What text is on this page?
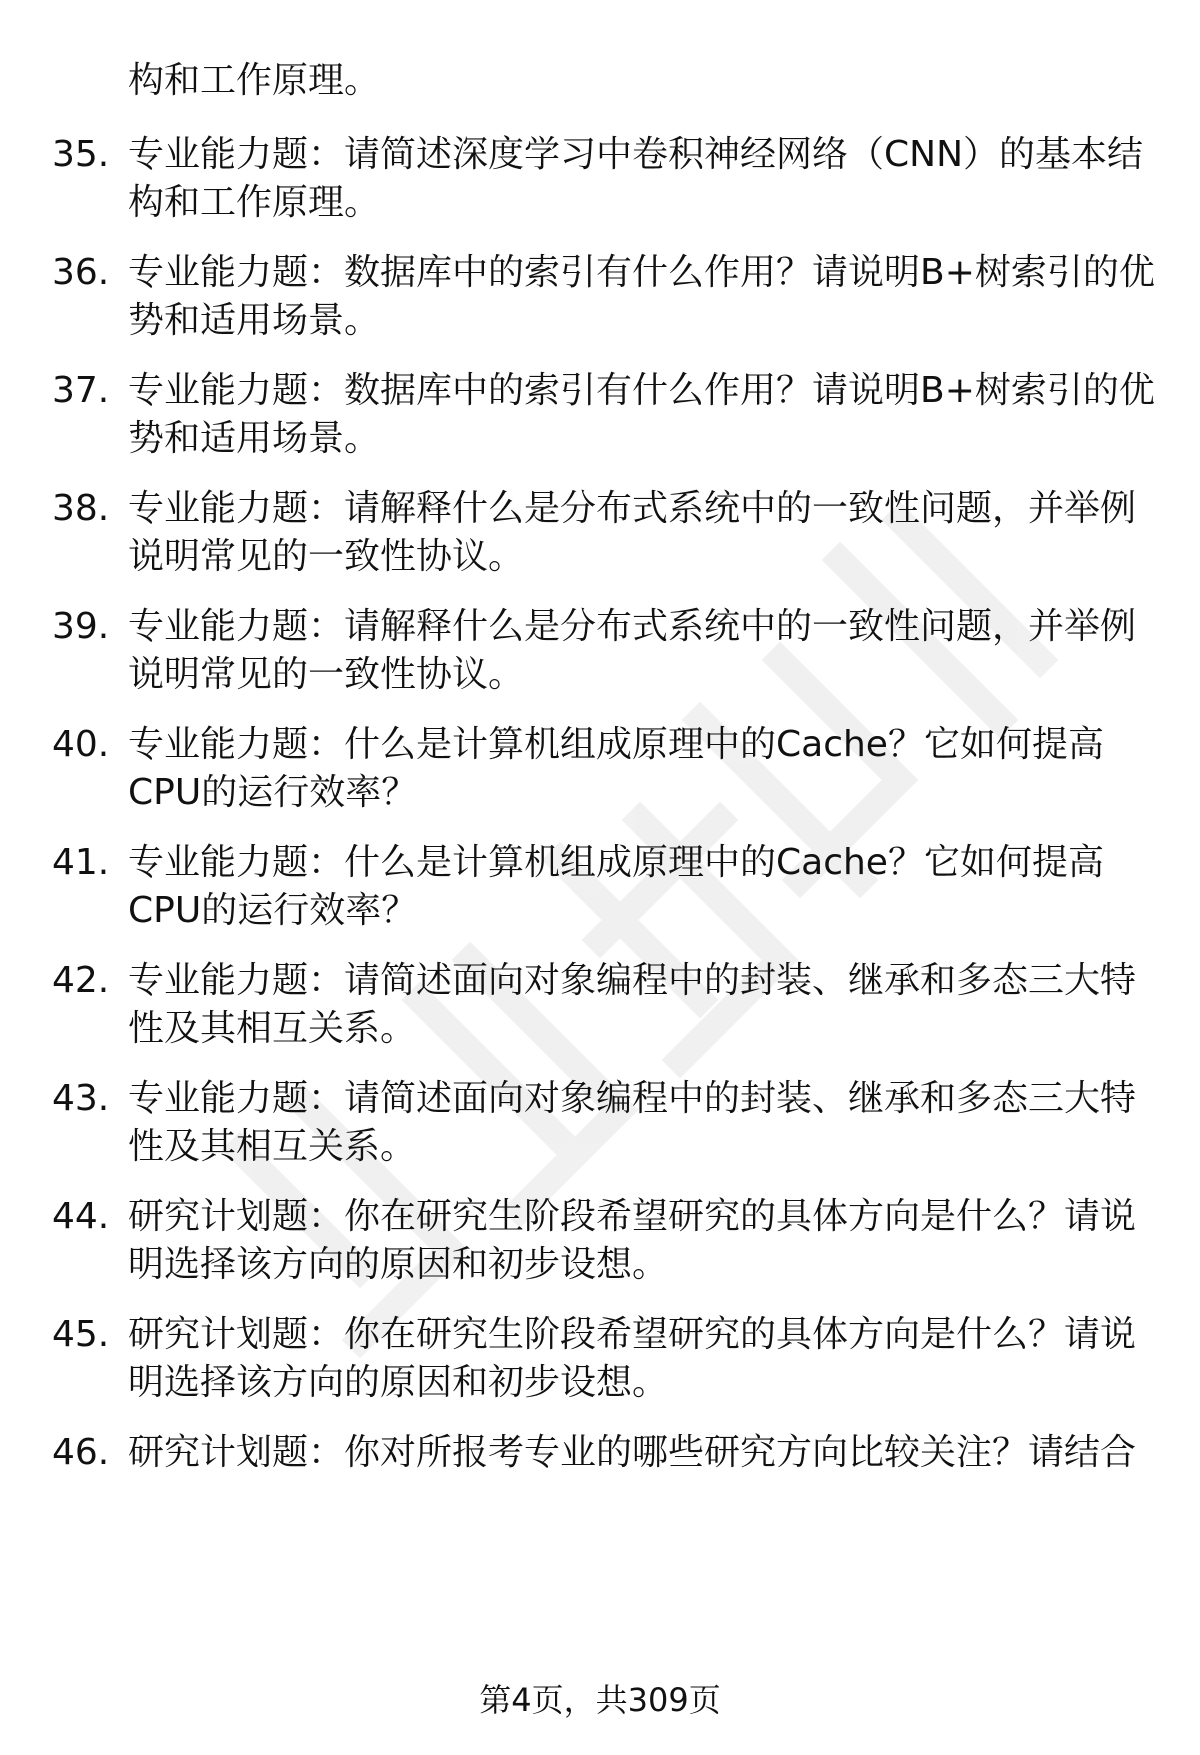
构和工作原理。
35. 专业能力题：请简述深度学习中卷积神经网络（CNN）的基本结构和工作原理。
36. 专业能力题：数据库中的索引有什么作用？请说明B+树索引的优势和适用场景。
37. 专业能力题：数据库中的索引有什么作用？请说明B+树索引的优势和适用场景。
38. 专业能力题：请解释什么是分布式系统中的一致性问题，并举例说明常见的一致性协议。
39. 专业能力题：请解释什么是分布式系统中的一致性问题，并举例说明常见的一致性协议。
40. 专业能力题：什么是计算机组成原理中的Cache？它如何提高CPU的运行效率？
41. 专业能力题：什么是计算机组成原理中的Cache？它如何提高CPU的运行效率？
42. 专业能力题：请简述面向对象编程中的封装、继承和多态三大特性及其相互关系。
43. 专业能力题：请简述面向对象编程中的封装、继承和多态三大特性及其相互关系。
44. 研究计划题：你在研究生阶段希望研究的具体方向是什么？请说明选择该方向的原因和初步设想。
45. 研究计划题：你在研究生阶段希望研究的具体方向是什么？请说明选择该方向的原因和初步设想。
46. 研究计划题：你对所报考专业的哪些研究方向比较关注？请结合
第4页，共309页
